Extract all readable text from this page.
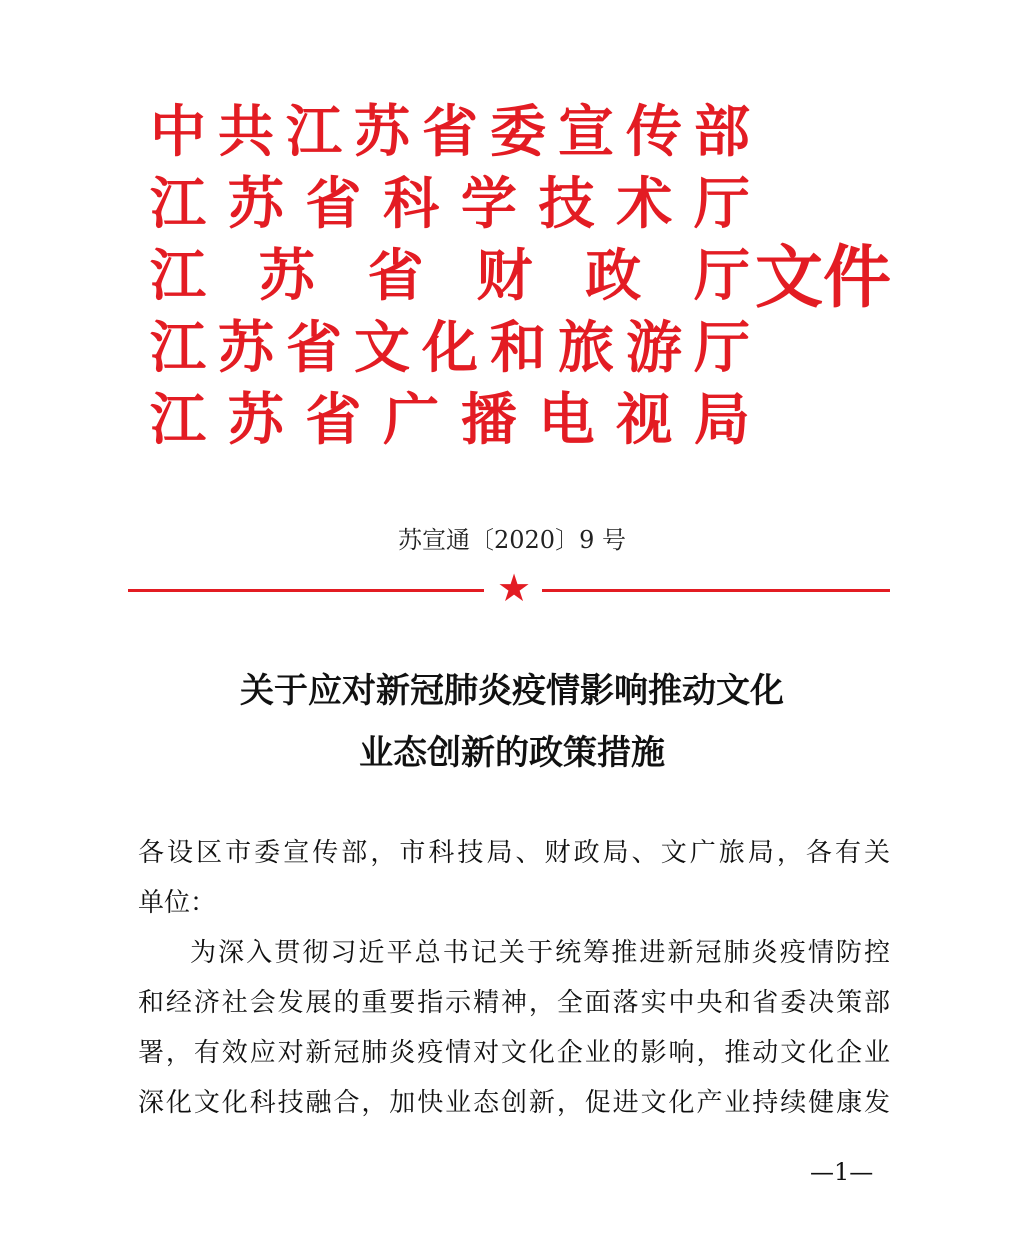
中 共 江 苏 省 委 宣 传 部
江 苏 省 科 学 技 术 厅
江 苏 省 财 政 厅
江 苏 省 文 化 和 旅 游 厅
江 苏 省 广 播 电 视 局
文件
苏宣通〔2020〕9 号
★
关于应对新冠肺炎疫情影响推动文化
业态创新的政策措施

各设区市委宣传部，市科技局、财政局、文广旅局，各有关

单位：

为深入贯彻习近平总书记关于统筹推进新冠肺炎疫情防控

和经济社会发展的重要指示精神，全面落实中央和省委决策部

署，有效应对新冠肺炎疫情对文化企业的影响，推动文化企业

深化文化科技融合，加快业态创新，促进文化产业持续健康发

—1—
